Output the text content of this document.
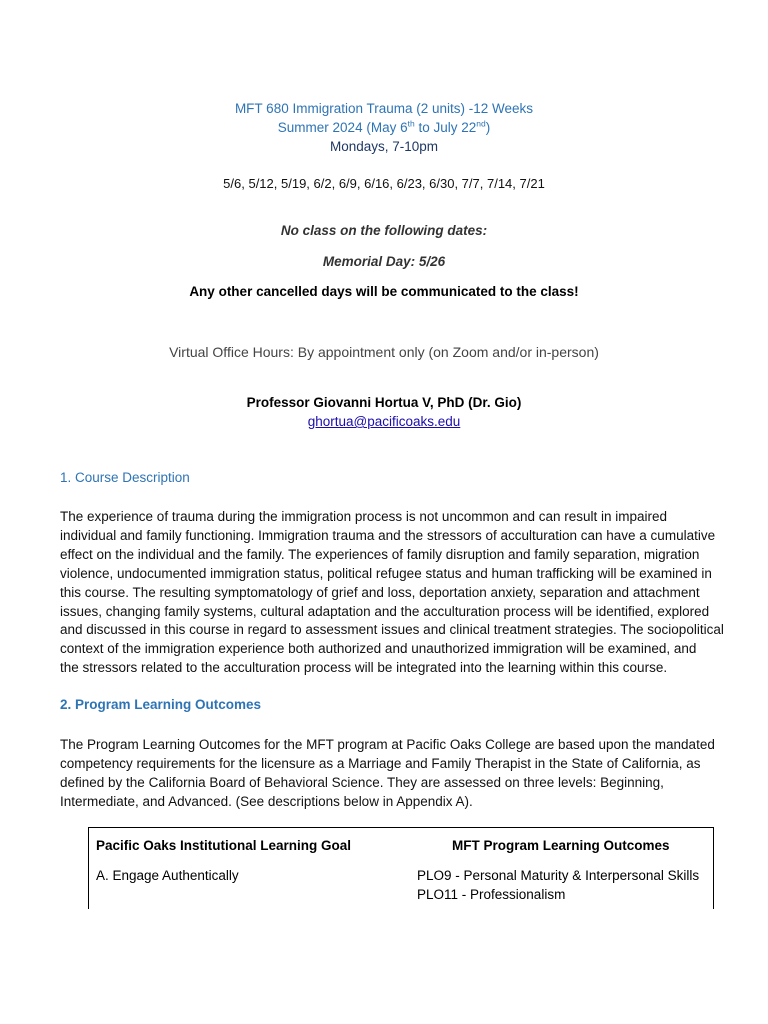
MFT 680 Immigration Trauma (2 units) -12 Weeks
Summer 2024 (May 6th to July 22nd)
Mondays, 7-10pm
5/6, 5/12, 5/19, 6/2, 6/9, 6/16, 6/23, 6/30, 7/7, 7/14, 7/21
No class on the following dates:
Memorial Day: 5/26
Any other cancelled days will be communicated to the class!
Virtual Office Hours: By appointment only (on Zoom and/or in-person)
Professor Giovanni Hortua V, PhD (Dr. Gio)
ghortua@pacificoaks.edu
1. Course Description
The experience of trauma during the immigration process is not uncommon and can result in impaired
individual and family functioning. Immigration trauma and the stressors of acculturation can have a cumulative
effect on the individual and the family. The experiences of family disruption and family separation, migration
violence, undocumented immigration status, political refugee status and human trafficking will be examined in
this course. The resulting symptomatology of grief and loss, deportation anxiety, separation and attachment
issues, changing family systems, cultural adaptation and the acculturation process will be identified, explored
and discussed in this course in regard to assessment issues and clinical treatment strategies. The sociopolitical
context of the immigration experience both authorized and unauthorized immigration will be examined, and
the stressors related to the acculturation process will be integrated into the learning within this course.
2. Program Learning Outcomes
The Program Learning Outcomes for the MFT program at Pacific Oaks College are based upon the mandated
competency requirements for the licensure as a Marriage and Family Therapist in the State of California, as
defined by the California Board of Behavioral Science. They are assessed on three levels: Beginning,
Intermediate, and Advanced. (See descriptions below in Appendix A).
Pacific Oaks Institutional Learning Goal	MFT Program Learning Outcomes
A. Engage Authentically	PLO9 - Personal Maturity & Interpersonal Skills
PLO11 - Professionalism
